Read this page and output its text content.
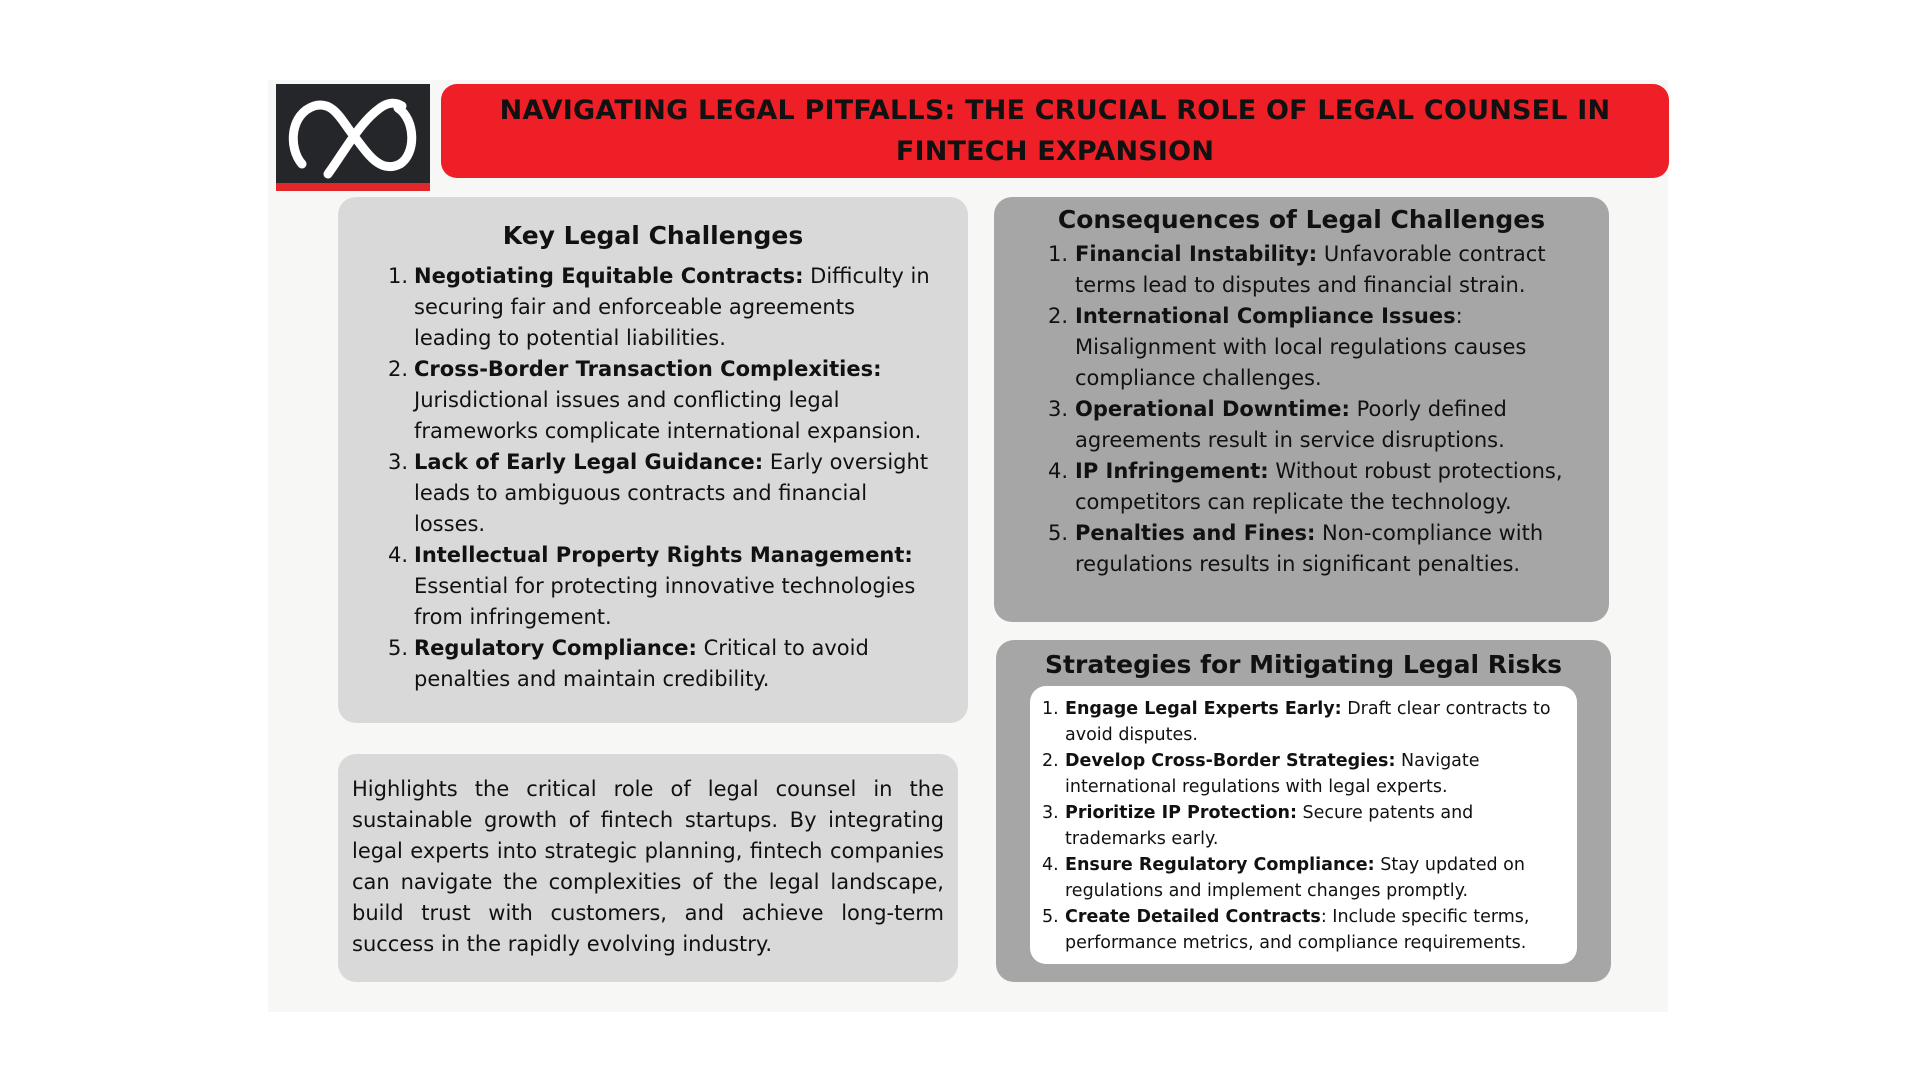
NAVIGATING LEGAL PITFALLS: THE CRUCIAL ROLE OF LEGAL COUNSEL IN FINTECH EXPANSION
Key Legal Challenges
1. Negotiating Equitable Contracts: Difficulty in securing fair and enforceable agreements leading to potential liabilities.
2. Cross-Border Transaction Complexities: Jurisdictional issues and conflicting legal frameworks complicate international expansion.
3. Lack of Early Legal Guidance: Early oversight leads to ambiguous contracts and financial losses.
4. Intellectual Property Rights Management: Essential for protecting innovative technologies from infringement.
5. Regulatory Compliance: Critical to avoid penalties and maintain credibility.
Consequences of Legal Challenges
1. Financial Instability: Unfavorable contract terms lead to disputes and financial strain.
2. International Compliance Issues: Misalignment with local regulations causes compliance challenges.
3. Operational Downtime: Poorly defined agreements result in service disruptions.
4. IP Infringement: Without robust protections, competitors can replicate the technology.
5. Penalties and Fines: Non-compliance with regulations results in significant penalties.

Highlights the critical role of legal counsel in the sustainable growth of fintech startups. By integrating legal experts into strategic planning, fintech companies can navigate the complexities of the legal landscape, build trust with customers, and achieve long-term success in the rapidly evolving industry.

Strategies for Mitigating Legal Risks
1. Engage Legal Experts Early: Draft clear contracts to avoid disputes.
2. Develop Cross-Border Strategies: Navigate international regulations with legal experts.
3. Prioritize IP Protection: Secure patents and trademarks early.
4. Ensure Regulatory Compliance: Stay updated on regulations and implement changes promptly.
5. Create Detailed Contracts: Include specific terms, performance metrics, and compliance requirements.
